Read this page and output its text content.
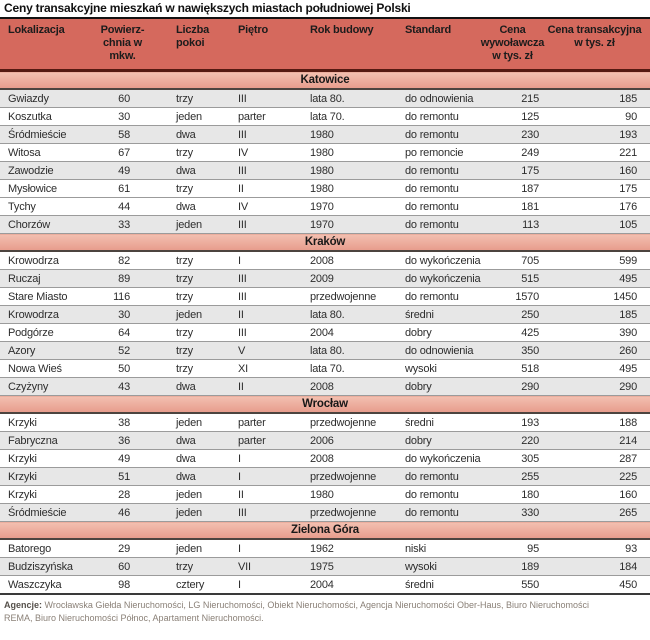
Ceny transakcyjne mieszkań w nawiększych miastach południowej Polski
Lokalizacja	Powierz-chnia w mkw.	Liczba pokoi	Piętro	Rok budowy	Standard	Cena wywoławcza w tys. zł	Cena transakcyjna w tys. zł
Katowice							
Gwiazdy	60	trzy	III	lata 80.	do odnowienia	215	185
Koszutka	30	jeden	parter	lata 70.	do remontu	125	90
Śródmieście	58	dwa	III	1980	do remontu	230	193
Witosa	67	trzy	IV	1980	po remoncie	249	221
Zawodzie	49	dwa	III	1980	do remontu	175	160
Mysłowice	61	trzy	II	1980	do remontu	187	175
Tychy	44	dwa	IV	1970	do remontu	181	176
Chorzów	33	jeden	III	1970	do remontu	113	105
Kraków							
Krowodrza	82	trzy	I	2008	do wykończenia	705	599
Ruczaj	89	trzy	III	2009	do wykończenia	515	495
Stare Miasto	116	trzy	III	przedwojenne	do remontu	1570	1450
Krowodrza	30	jeden	II	lata 80.	średni	250	185
Podgórze	64	trzy	III	2004	dobry	425	390
Azory	52	trzy	V	lata 80.	do odnowienia	350	260
Nowa Wieś	50	trzy	XI	lata 70.	wysoki	518	495
Czyżyny	43	dwa	II	2008	dobry	290	290
Wrocław							
Krzyki	38	jeden	parter	przedwojenne	średni	193	188
Fabryczna	36	dwa	parter	2006	dobry	220	214
Krzyki	49	dwa	I	2008	do wykończenia	305	287
Krzyki	51	dwa	I	przedwojenne	do remontu	255	225
Krzyki	28	jeden	II	1980	do remontu	180	160
Śródmieście	46	jeden	III	przedwojenne	do remontu	330	265
Zielona Góra							
Batorego	29	jeden	I	1962	niski	95	93
Budziszyńska	60	trzy	VII	1975	wysoki	189	184
Waszczyka	98	cztery	I	2004	średni	550	450
Agencje: Wrocławska Giełda Nieruchomości, LG Nieruchomości, Obiekt Nieruchomości, Agencja Nieruchomości Ober-Haus, Biuro Nieruchomości REMA, Biuro Nieruchomości Północ, Apartament Nieruchomości.
